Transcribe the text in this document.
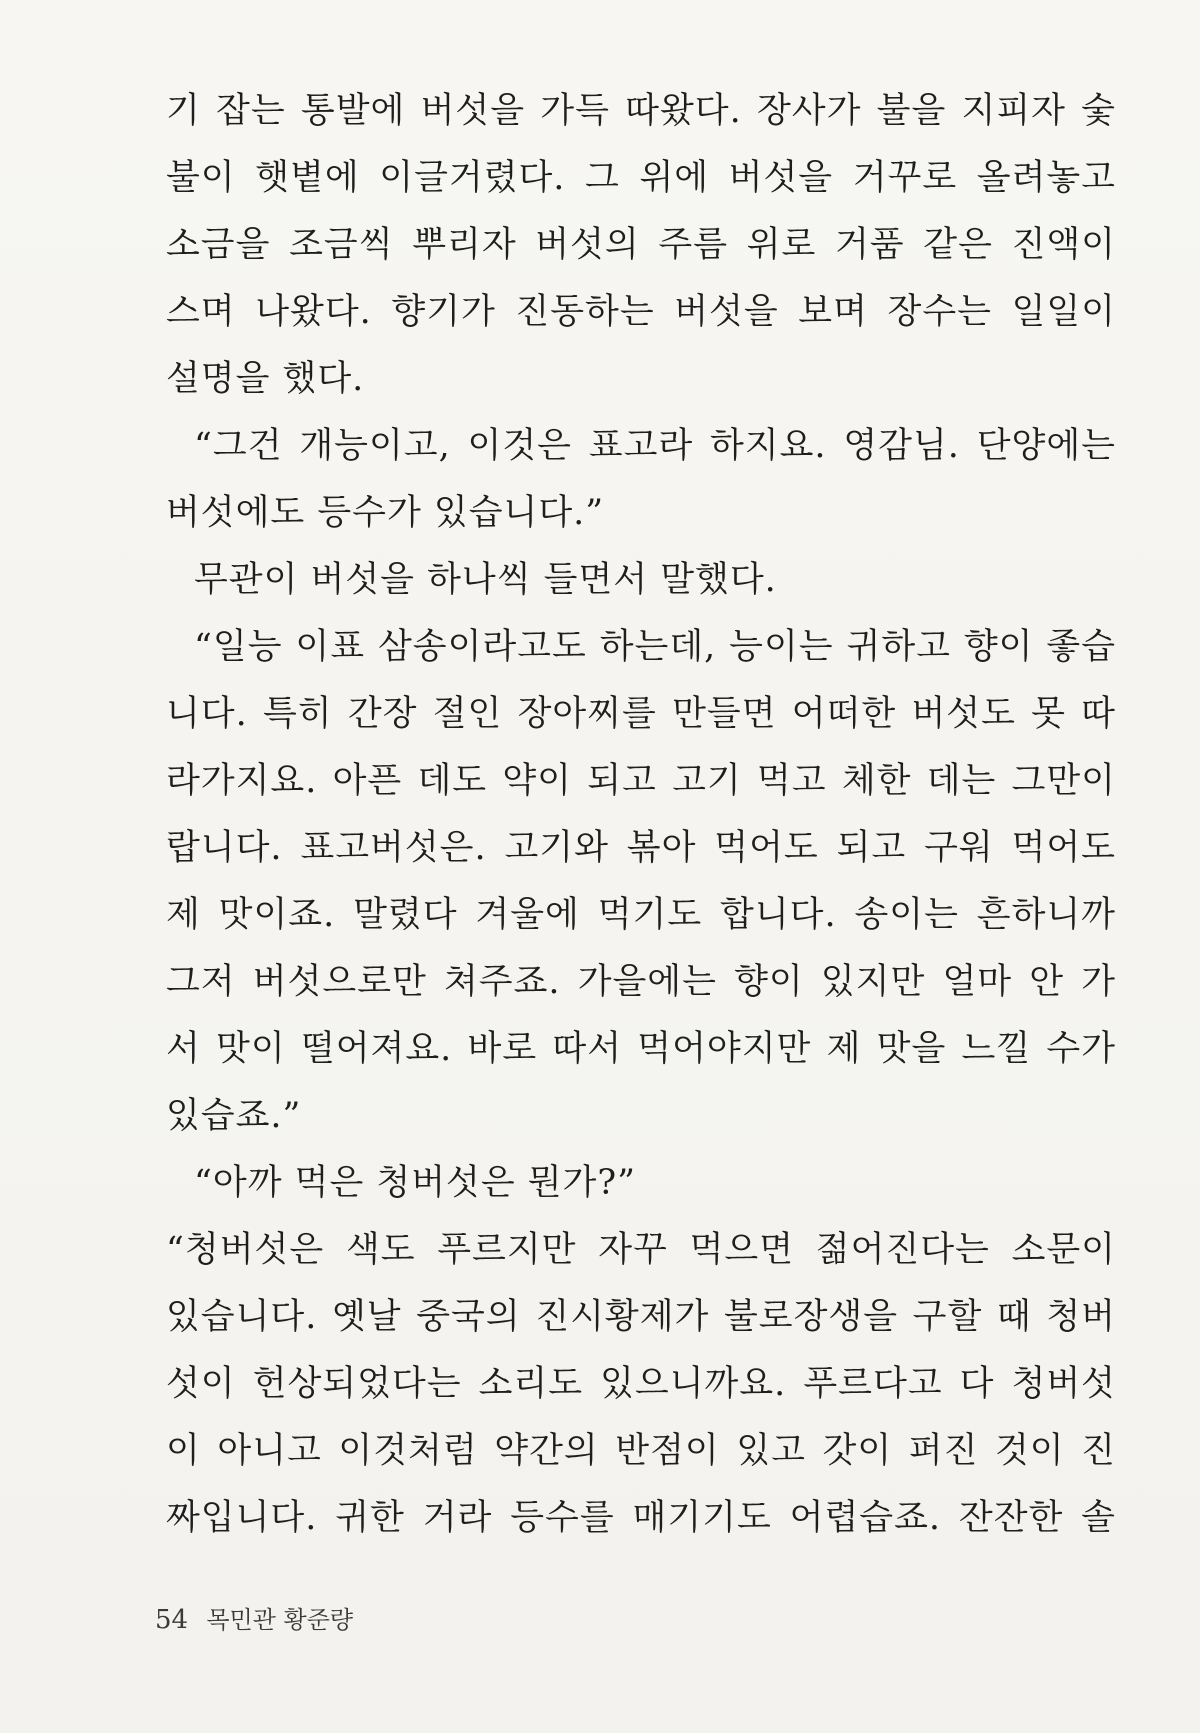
기 잡는 통발에 버섯을 가득 따왔다. 장사가 불을 지피자 숯
불이 햇볕에 이글거렸다. 그 위에 버섯을 거꾸로 올려놓고
소금을 조금씩 뿌리자 버섯의 주름 위로 거품 같은 진액이
스며 나왔다. 향기가 진동하는 버섯을 보며 장수는 일일이
설명을 했다.
“그건 개능이고, 이것은 표고라 하지요. 영감님. 단양에는
버섯에도 등수가 있습니다.”
무관이 버섯을 하나씩 들면서 말했다.
“일능 이표 삼송이라고도 하는데, 능이는 귀하고 향이 좋습
니다. 특히 간장 절인 장아찌를 만들면 어떠한 버섯도 못 따
라가지요. 아픈 데도 약이 되고 고기 먹고 체한 데는 그만이
랍니다. 표고버섯은. 고기와 볶아 먹어도 되고 구워 먹어도
제 맛이죠. 말렸다 겨울에 먹기도 합니다. 송이는 흔하니까
그저 버섯으로만 쳐주죠. 가을에는 향이 있지만 얼마 안 가
서 맛이 떨어져요. 바로 따서 먹어야지만 제 맛을 느낄 수가
있습죠.”
“아까 먹은 청버섯은 뭔가?”
“청버섯은 색도 푸르지만 자꾸 먹으면 젊어진다는 소문이
있습니다. 옛날 중국의 진시황제가 불로장생을 구할 때 청버
섯이 헌상되었다는 소리도 있으니까요. 푸르다고 다 청버섯
이 아니고 이것처럼 약간의 반점이 있고 갓이 퍼진 것이 진
짜입니다. 귀한 거라 등수를 매기기도 어렵습죠. 잔잔한 솔
54 목민관 황준량
